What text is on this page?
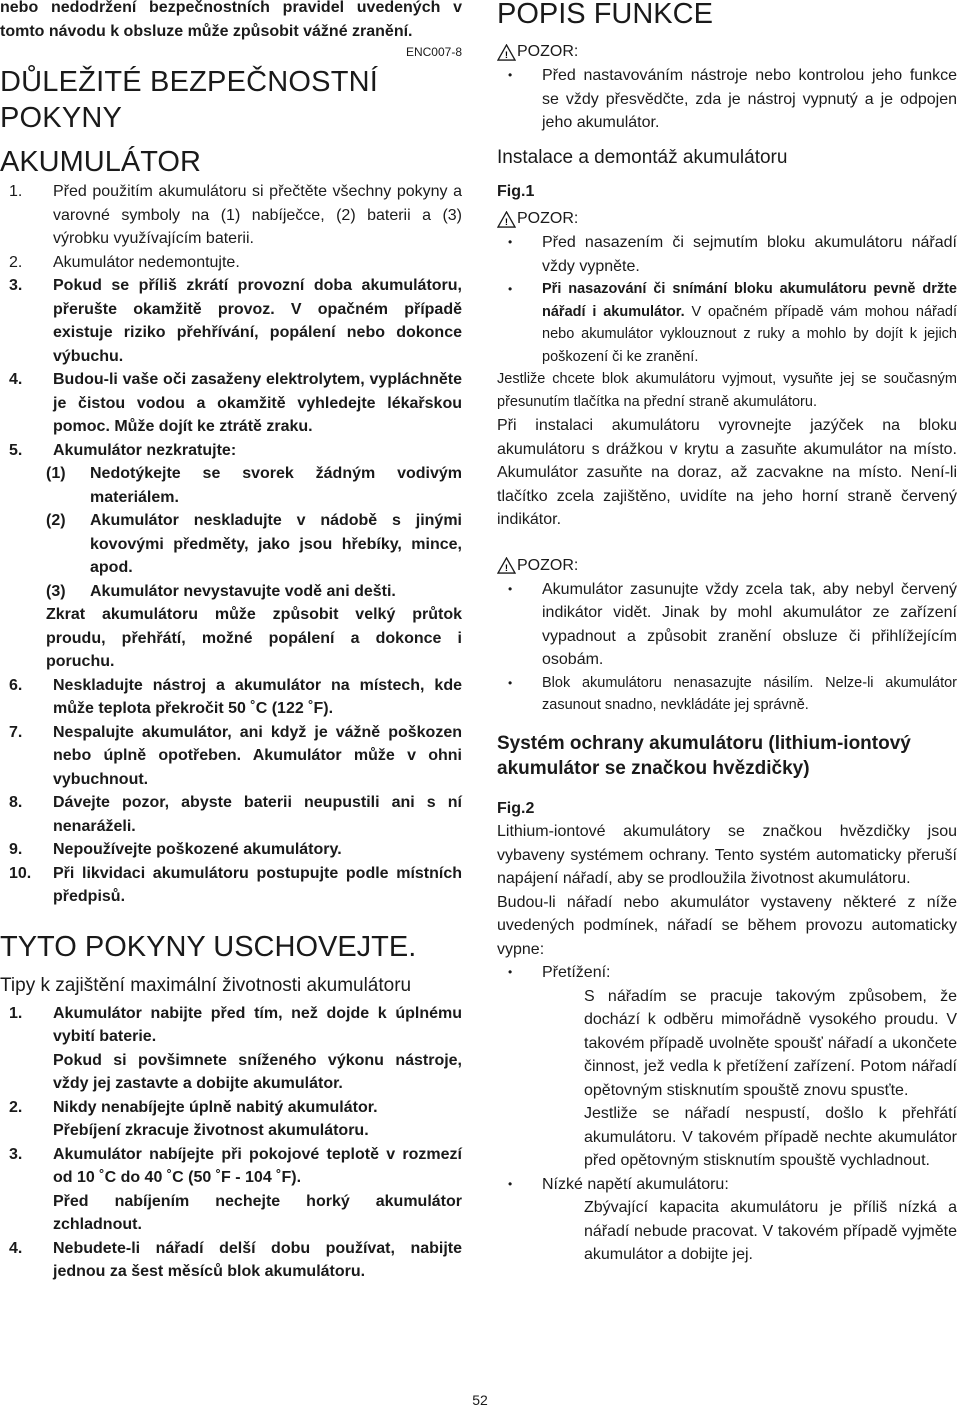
nebo nedodržení bezpečnostních pravidel uvedených v tomto návodu k obsluze může způsobit vážné zranění.
ENC007-8
DŮLEŽITÉ BEZPEČNOSTNÍ
POKYNY
AKUMULÁTOR
1. Před použitím akumulátoru si přečtěte všechny pokyny a varovné symboly na (1) nabíječce, (2) baterii a (3) výrobku využívajícím baterii.
2. Akumulátor nedemontujte.
3. Pokud se příliš zkrátí provozní doba akumulátoru, přerušte okamžitě provoz. V opačném případě existuje riziko přehřívání, popálení nebo dokonce výbuchu.
4. Budou-li vaše oči zasaženy elektrolytem, vypláchněte je čistou vodou a okamžitě vyhledejte lékařskou pomoc. Může dojít ke ztrátě zraku.
5. Akumulátor nezkratujte:
(1) Nedotýkejte se svorek žádným vodivým materiálem.
(2) Akumulátor neskladujte v nádobě s jinými kovovými předměty, jako jsou hřebíky, mince, apod.
(3) Akumulátor nevystavujte vodě ani dešti.
Zkrat akumulátoru může způsobit velký průtok proudu, přehřátí, možné popálení a dokonce i poruchu.
6. Neskladujte nástroj a akumulátor na místech, kde může teplota překročit 50 ˚C (122 ˚F).
7. Nespalujte akumulátor, ani když je vážně poškozen nebo úplně opotřeben. Akumulátor může v ohni vybuchnout.
8. Dávejte pozor, abyste baterii neupustili ani s ní nenaráželi.
9. Nepoužívejte poškozené akumulátory.
10. Při likvidaci akumulátoru postupujte podle místních předpisů.
TYTO POKYNY USCHOVEJTE.
Tipy k zajištění maximální životnosti akumulátoru
1. Akumulátor nabijte před tím, než dojde k úplnému vybití baterie.
Pokud si povšimnete sníženého výkonu nástroje, vždy jej zastavte a dobijte akumulátor.
2. Nikdy nenabíjejte úplně nabitý akumulátor.
Přebíjení zkracuje životnost akumulátoru.
3. Akumulátor nabíjejte při pokojové teplotě v rozmezí od 10 ˚C do 40 ˚C (50 ˚F - 104 ˚F).
Před nabíjením nechejte horký akumulátor zchladnout.
4. Nebudete-li nářadí delší dobu používat, nabijte jednou za šest měsíců blok akumulátoru.
POPIS FUNKCE
! POZOR:
• Před nastavováním nástroje nebo kontrolou jeho funkce se vždy přesvědčte, zda je nástroj vypnutý a je odpojen jeho akumulátor.
Instalace a demontáž akumulátoru
Fig.1
! POZOR:
• Před nasazením či sejmutím bloku akumulátoru nářadí vždy vypněte.
• Při nasazování či snímání bloku akumulátoru pevně držte nářadí i akumulátor. V opačném případě vám mohou nářadí nebo akumulátor vyklouznout z ruky a mohlo by dojít k jejich poškození či ke zranění.
Jestliže chcete blok akumulátoru vyjmout, vysuňte jej se současným přesunutím tlačítka na přední straně akumulátoru.
Při instalaci akumulátoru vyrovnejte jazýček na bloku akumulátoru s drážkou v krytu a zasuňte akumulátor na místo. Akumulátor zasuňte na doraz, až zacvakne na místo. Není-li tlačítko zcela zajištěno, uvidíte na jeho horní straně červený indikátor.
! POZOR:
• Akumulátor zasunujte vždy zcela tak, aby nebyl červený indikátor vidět. Jinak by mohl akumulátor ze zařízení vypadnout a způsobit zranění obsluze či přihlížejícím osobám.
• Blok akumulátoru nenasazujte násilím. Nelze-li akumulátor zasunout snadno, nevkládáte jej správně.
Systém ochrany akumulátoru (lithium-iontový akumulátor se značkou hvězdičky)
Fig.2
Lithium-iontové akumulátory se značkou hvězdičky jsou vybaveny systémem ochrany. Tento systém automaticky přeruší napájení nářadí, aby se prodloužila životnost akumulátoru.
Budou-li nářadí nebo akumulátor vystaveny některé z níže uvedených podmínek, nářadí se během provozu automaticky vypne:
• Přetížení:
S nářadím se pracuje takovým způsobem, že dochází k odběru mimořádně vysokého proudu. V takovém případě uvolněte spoušť nářadí a ukončete činnost, jež vedla k přetížení zařízení. Potom nářadí opětovným stisknutím spouště znovu spusťte.
Jestliže se nářadí nespustí, došlo k přehřátí akumulátoru. V takovém případě nechte akumulátor před opětovným stisknutím spouště vychladnout.
• Nízké napětí akumulátoru:
Zbývající kapacita akumulátoru je příliš nízká a nářadí nebude pracovat. V takovém případě vyjměte akumulátor a dobijte jej.
52
